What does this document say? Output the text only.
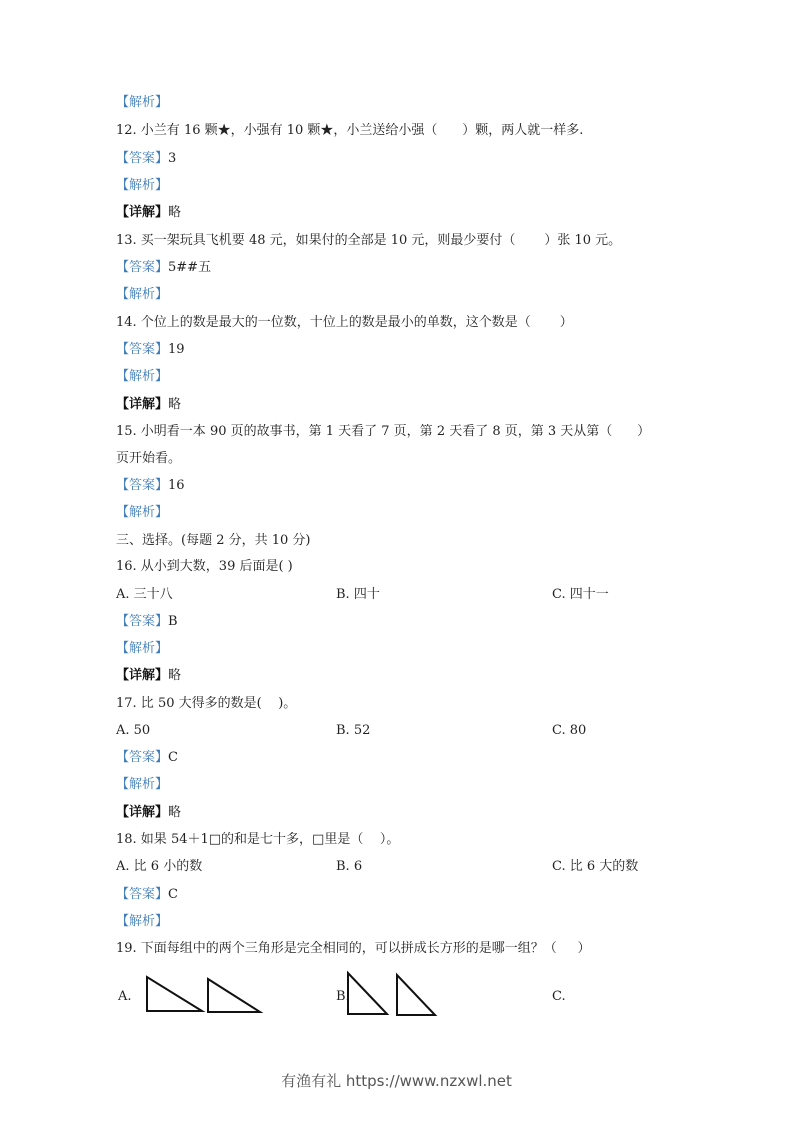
【解析】
12. 小兰有 16 颗★，小强有 10 颗★，小兰送给小强（      ）颗，两人就一样多.
【答案】3
【解析】
【详解】略
13. 买一架玩具飞机要 48 元，如果付的全部是 10 元，则最少要付（       ）张 10 元。
【答案】5##五
【解析】
14. 个位上的数是最大的一位数，十位上的数是最小的单数，这个数是（       ）
【答案】19
【解析】
【详解】略
15. 小明看一本 90 页的故事书，第 1 天看了 7 页，第 2 天看了 8 页，第 3 天从第（      ）
页开始看。
【答案】16
【解析】
三、选择。(每题 2 分，共 10 分)
16. 从小到大数，39 后面是( )
A. 三十八	B. 四十	C. 四十一
【答案】B
【解析】
【详解】略
17. 比 50 大得多的数是(    )。
A. 50	B. 52	C. 80
【答案】C
【解析】
【详解】略
18. 如果 54＋1□的和是七十多，□里是（    ）。
A. 比 6 小的数	B. 6	C. 比 6 大的数
【答案】C
【解析】
19. 下面每组中的两个三角形是完全相同的，可以拼成长方形的是哪一组？（     ）
A.	B.	C.
有渔有礼 https://www.nzxwl.net
